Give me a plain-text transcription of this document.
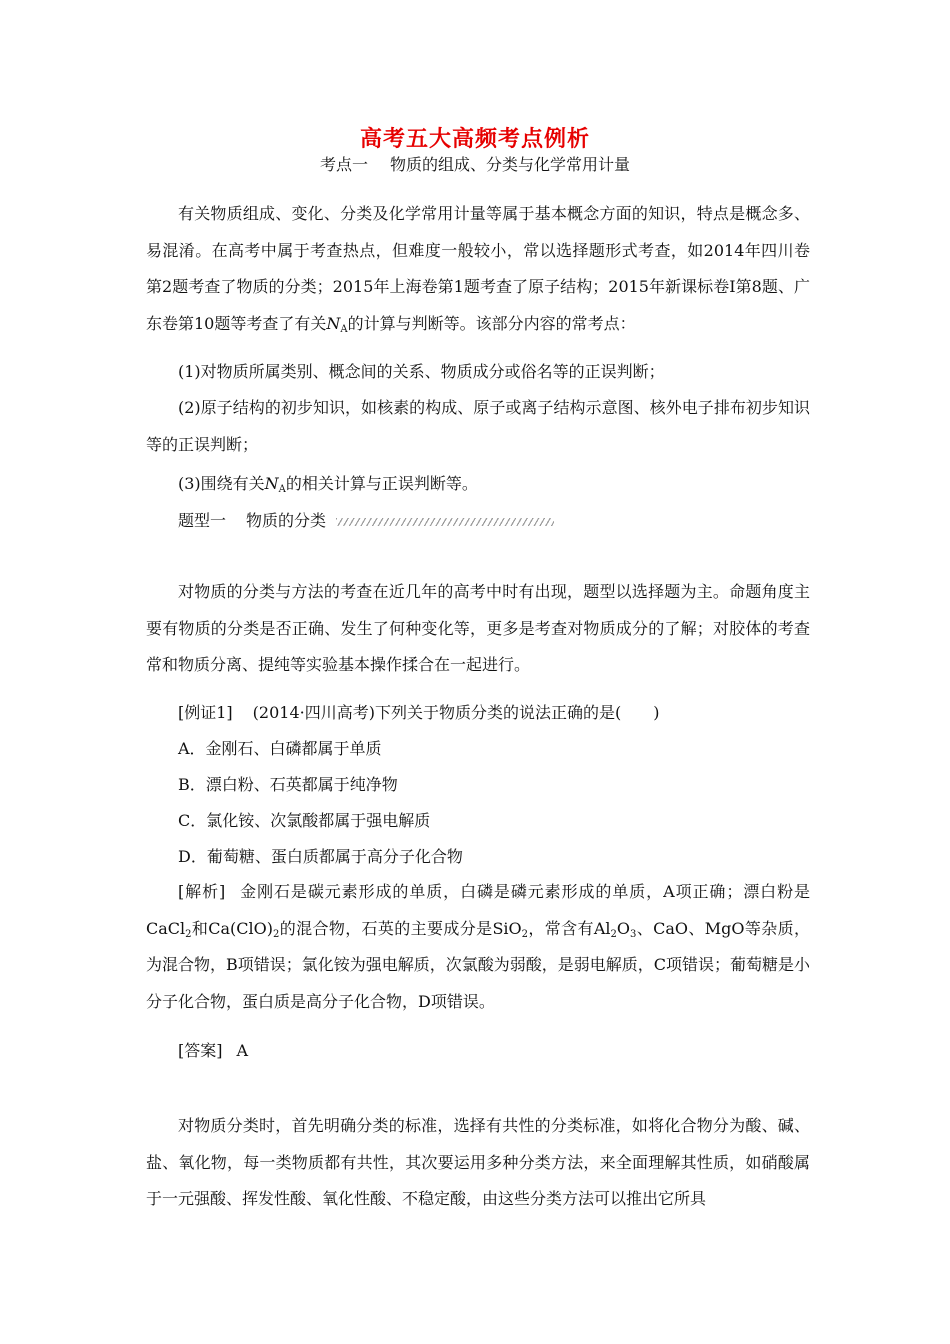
高考五大高频考点例析
考点一 物质的组成、分类与化学常用计量

有关物质组成、变化、分类及化学常用计量等属于基本概念方面的知识，特点是概念多、易混淆。在高考中属于考查热点，但难度一般较小，常以选择题形式考查，如2014年四川卷第2题考查了物质的分类；2015年上海卷第1题考查了原子结构；2015年新课标卷Ⅰ第8题、广东卷第10题等考查了有关$N_A$的计算与判断等。该部分内容的常考点：

(1)对物质所属类别、概念间的关系、物质成分或俗名等的正误判断；

(2)原子结构的初步知识，如核素的构成、原子或离子结构示意图、核外电子排布初步知识等的正误判断；

(3)围绕有关$N_A$的相关计算与正误判断等。
题型一 物质的分类

对物质的分类与方法的考查在近几年的高考中时有出现，题型以选择题为主。命题角度主要有物质的分类是否正确、发生了何种变化等，更多是考查对物质成分的了解；对胶体的考查常和物质分离、提纯等实验基本操作揉合在一起进行。

[例证1] (2014·四川高考)下列关于物质分类的说法正确的是(　　)
A．金刚石、白磷都属于单质
B．漂白粉、石英都属于纯净物
C．氯化铵、次氯酸都属于强电解质
D．葡萄糖、蛋白质都属于高分子化合物

[解析] 金刚石是碳元素形成的单质，白磷是磷元素形成的单质，A项正确；漂白粉是CaCl$_2$和$Ca(ClO)_2$的混合物，石英的主要成分是SiO$_2$，常含有$Al_2O_3$、CaO、MgO等杂质，为混合物，B项错误；氯化铵为强电解质，次氯酸为弱酸，是弱电解质，C项错误；葡萄糖是小分子化合物，蛋白质是高分子化合物，D项错误。

[答案] A

对物质分类时，首先明确分类的标准，选择有共性的分类标准，如将化合物分为酸、碱、盐、氧化物，每一类物质都有共性，其次要运用多种分类方法，来全面理解其性质，如硝酸属于一元强酸、挥发性酸、氧化性酸、不稳定酸，由这些分类方法可以推出它所具
